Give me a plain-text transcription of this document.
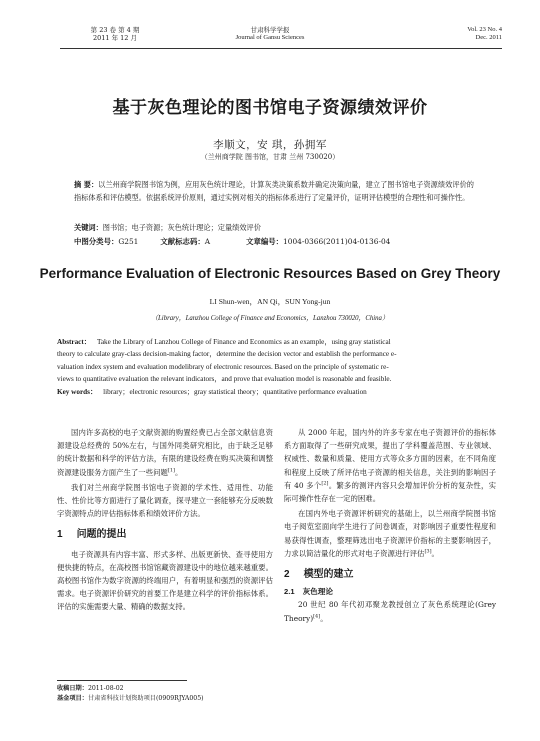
第 23 卷 第 4 期
2011 年 12 月
甘肃科学学报
Journal of Gansu Sciences
Vol. 23 No. 4
Dec. 2011
基于灰色理论的图书馆电子资源绩效评价
李顺文，安 琪，孙拥军
（兰州商学院 图书馆，甘肃 兰州 730020）
摘 要：以兰州商学院图书馆为例，应用灰色统计理论，计算灰类决策系数并确定决策向量，建立了图书馆电子资源绩效评价的指标体系和评估模型。依据系统评价原则，通过实例对相关的指标体系进行了定量评价，证明评估模型的合理性和可操作性。
关键词：图书馆；电子资源；灰色统计理论；定量绩效评价
中图分类号：G251	文献标志码：A	文章编号：1004-0366(2011)04-0136-04
Performance Evaluation of Electronic Resources Based on Grey Theory
LI Shun-wen，AN Qi，SUN Yong-jun
（Library，Lanzhou College of Finance and Economics，Lanzhou 730020，China）
Abstract： Take the Library of Lanzhou College of Finance and Economics as an example，using gray statistical
theory to calculate gray-class decision-making factor，determine the decision vector and establish the performance e-
valuation index system and evaluation modelibrary of electronic resources. Based on the principle of systematic re-
views to quantitative evaluation the relevant indicators，and prove that evaluation model is reasonable and feasible.
Key words： library；electronic resources；gray statistical theory；quantitative performance evaluation

国内许多高校的电子文献资源的购置经费已占全部文献信息资源建设总经费的 50%左右，与国外同类研究相比，由于缺乏足够的统计数据和科学的评估方法，有限的建设经费在购买决策和调整资源建设服务方面产生了一些问题[1]。

我们对兰州商学院图书馆电子资源的学术性、适用性、功能性、性价比等方面进行了量化调查，探寻建立一套能够充分反映数字资源特点的评估指标体系和绩效评价方法。

1 问题的提出

电子资源具有内容丰富、形式多样、出版更新快、查寻使用方便快捷的特点，在高校图书馆馆藏资源建设中的地位越来越重要。高校图书馆作为数字资源的终端用户，有着明显和强烈的资源评估需求。电子资源评价研究的首要工作是建立科学的评价指标体系。评估的实施需要大量、精确的数据支持。

从 2000 年起，国内外的许多专家在电子资源评价的指标体系方面取得了一些研究成果，提出了学科覆盖范围、专业领域、权威性、数量和质量、使用方式等众多方面的因素，在不同角度和程度上反映了所评估电子资源的相关信息，关注到的影响因子有 40 多个[2]。繁多的测评内容只会增加评价分析的复杂性，实际可操作性存在一定的困难。

在国内外电子资源评析研究的基础上，以兰州商学院图书馆电子阅览室面向学生进行了问卷调查，对影响因子重要性程度和易获得性调查，整理筛选出电子资源评价指标的主要影响因子，力求以简洁量化的形式对电子资源进行评估[3]。

2 模型的建立
2.1 灰色理论

20 世纪 80 年代初邓聚龙教授创立了灰色系统理论(Grey Theory)[4]。

收稿日期：2011-08-02
基金项目：甘肃省科技计划资助项目(0909RJYA005)
